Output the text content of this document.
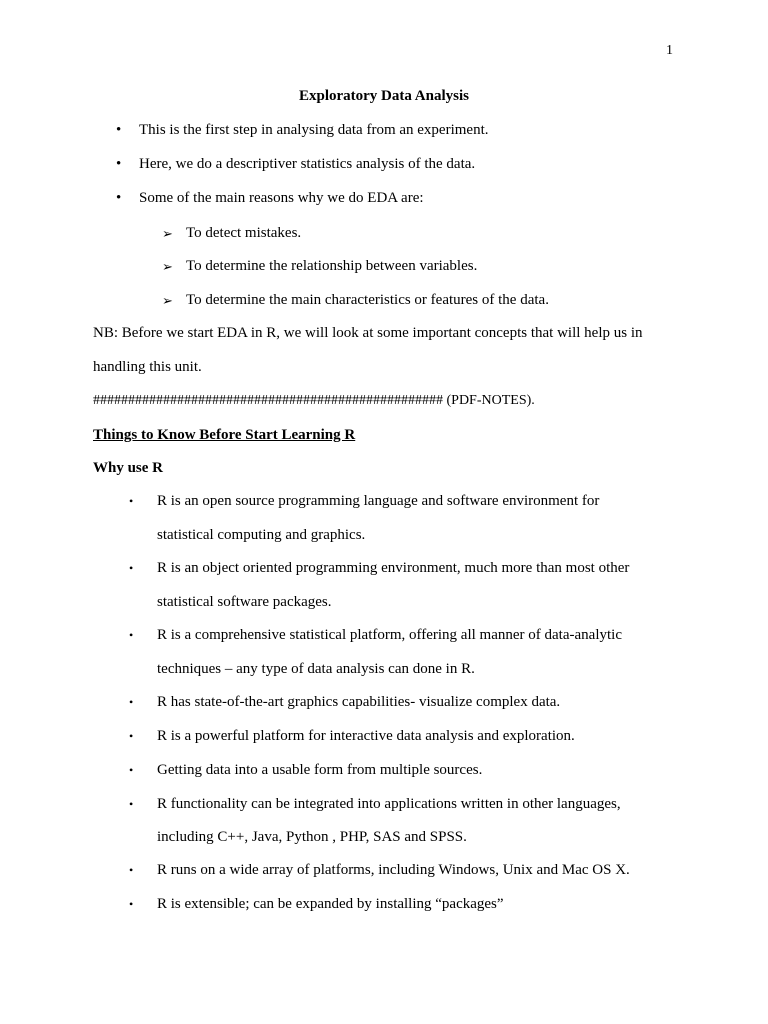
1
Exploratory Data Analysis
• This is the first step in analysing data from an experiment.
• Here, we do a descriptiver statistics analysis of the data.
• Some of the main reasons why we do EDA are:
➢ To detect mistakes.
➢ To determine the relationship between variables.
➢ To determine the main characteristics or features of the data.
NB: Before we start EDA in R, we will look at some important concepts that will help us in
handling this unit.
################################################## (PDF-NOTES).
Things to Know Before Start Learning R
Why use R
• R is an open source programming language and software environment for
statistical computing and graphics.
• R is an object oriented programming environment, much more than most other
statistical software packages.
• R is a comprehensive statistical platform, offering all manner of data-analytic
techniques – any type of data analysis can done in R.
• R has state-of-the-art graphics capabilities- visualize complex data.
• R is a powerful platform for interactive data analysis and exploration.
• Getting data into a usable form from multiple sources.
• R functionality can be integrated into applications written in other languages,
including C++, Java, Python , PHP, SAS and SPSS.
• R runs on a wide array of platforms, including Windows, Unix and Mac OS X.
• R is extensible; can be expanded by installing “packages”
